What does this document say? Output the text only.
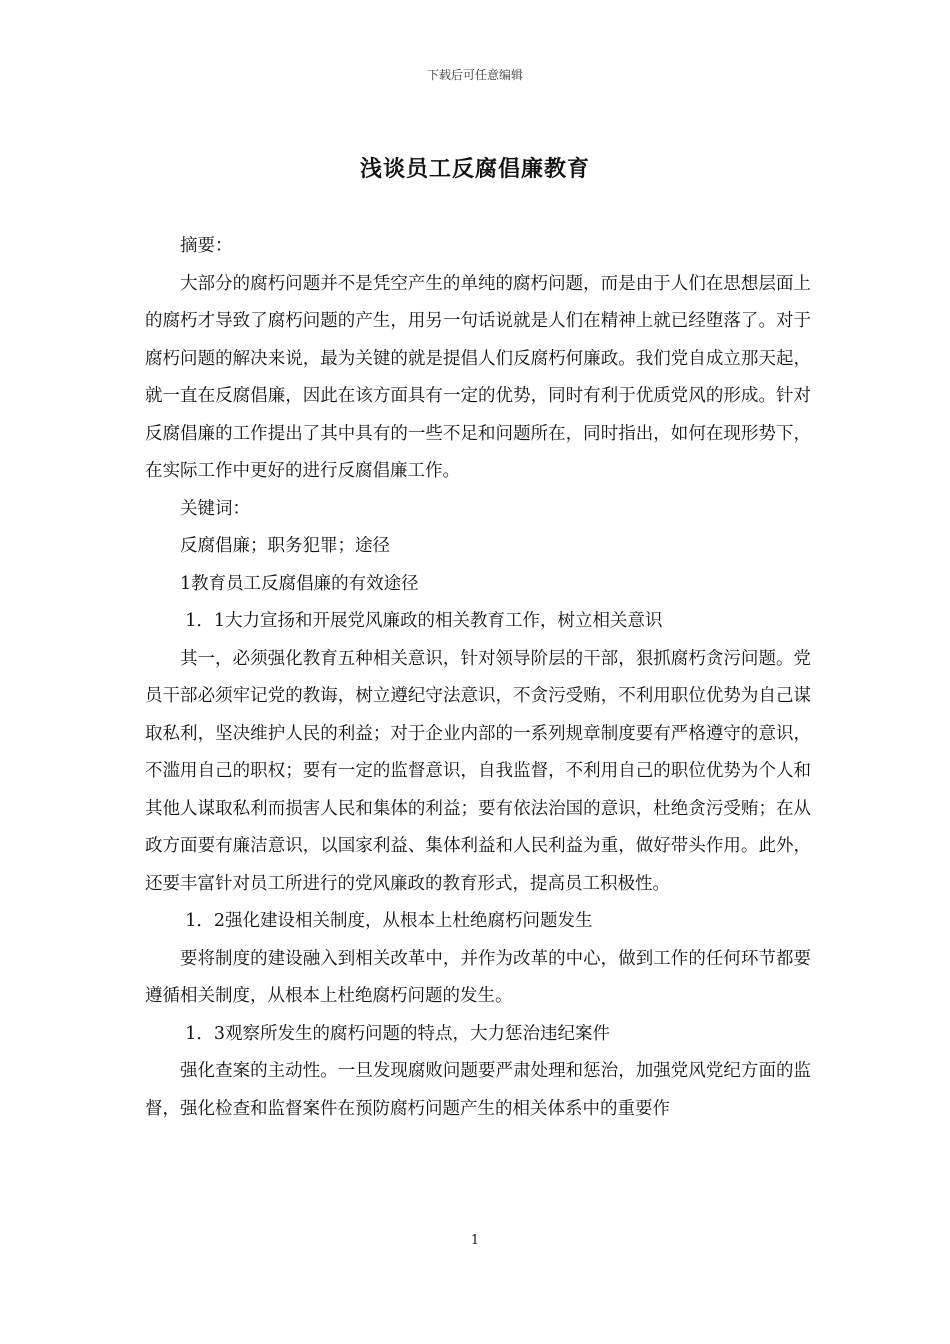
下载后可任意编辑
浅谈员工反腐倡廉教育

摘要：

大部分的腐朽问题并不是凭空产生的单纯的腐朽问题，而是由于人们在思想层面上的腐朽才导致了腐朽问题的产生，用另一句话说就是人们在精神上就已经堕落了。对于腐朽问题的解决来说，最为关键的就是提倡人们反腐朽何廉政。我们党自成立那天起，就一直在反腐倡廉，因此在该方面具有一定的优势，同时有利于优质党风的形成。针对反腐倡廉的工作提出了其中具有的一些不足和问题所在，同时指出，如何在现形势下，在实际工作中更好的进行反腐倡廉工作。

关键词：

反腐倡廉；职务犯罪；途径

1教育员工反腐倡廉的有效途径

1．1大力宣扬和开展党风廉政的相关教育工作，树立相关意识

其一，必须强化教育五种相关意识，针对领导阶层的干部，狠抓腐朽贪污问题。党员干部必须牢记党的教诲，树立遵纪守法意识，不贪污受贿，不利用职位优势为自己谋取私利，坚决维护人民的利益；对于企业内部的一系列规章制度要有严格遵守的意识，不滥用自己的职权；要有一定的监督意识，自我监督，不利用自己的职位优势为个人和其他人谋取私利而损害人民和集体的利益；要有依法治国的意识，杜绝贪污受贿；在从政方面要有廉洁意识，以国家利益、集体利益和人民利益为重，做好带头作用。此外，还要丰富针对员工所进行的党风廉政的教育形式，提高员工积极性。

1．2强化建设相关制度，从根本上杜绝腐朽问题发生

要将制度的建设融入到相关改革中，并作为改革的中心，做到工作的任何环节都要遵循相关制度，从根本上杜绝腐朽问题的发生。

1．3观察所发生的腐朽问题的特点，大力惩治违纪案件

强化查案的主动性。一旦发现腐败问题要严肃处理和惩治，加强党风党纪方面的监督，强化检查和监督案件在预防腐朽问题产生的相关体系中的重要作

1
